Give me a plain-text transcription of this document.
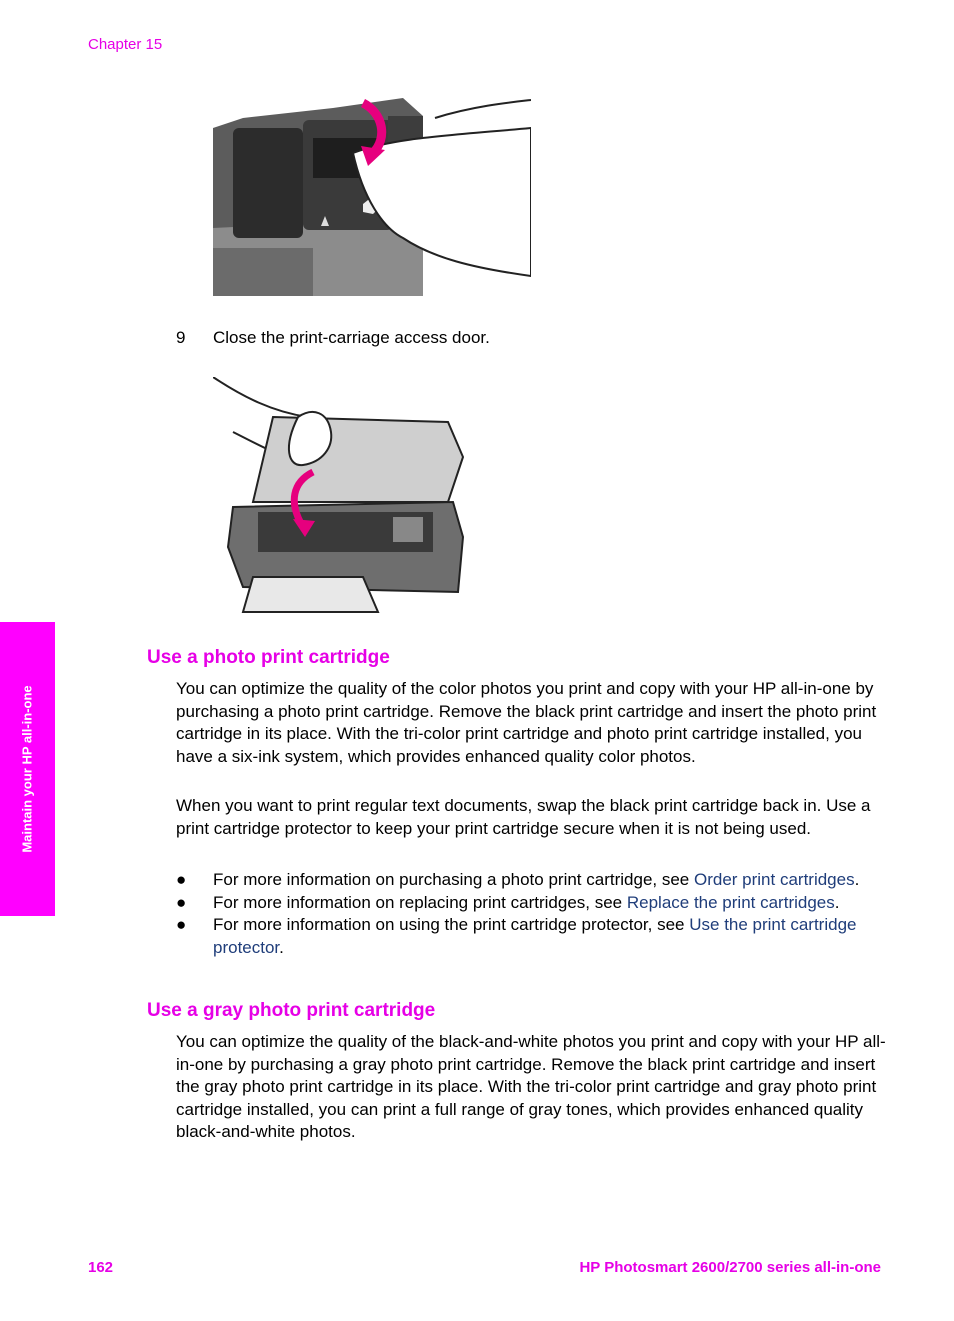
Chapter 15
9 Close the print-carriage access door.
Maintain your HP all-in-one
Use a photo print cartridge

You can optimize the quality of the color photos you print and copy with your HP all-in-one by purchasing a photo print cartridge. Remove the black print cartridge and insert the photo print cartridge in its place. With the tri-color print cartridge and photo print cartridge installed, you have a six-ink system, which provides enhanced quality color photos.

When you want to print regular text documents, swap the black print cartridge back in. Use a print cartridge protector to keep your print cartridge secure when it is not being used.

● For more information on purchasing a photo print cartridge, see Order print cartridges.
● For more information on replacing print cartridges, see Replace the print cartridges.
● For more information on using the print cartridge protector, see Use the print cartridge protector.
Use a gray photo print cartridge

You can optimize the quality of the black-and-white photos you print and copy with your HP all-in-one by purchasing a gray photo print cartridge. Remove the black print cartridge and insert the gray photo print cartridge in its place. With the tri-color print cartridge and gray photo print cartridge installed, you can print a full range of gray tones, which provides enhanced quality black-and-white photos.

162	HP Photosmart 2600/2700 series all-in-one
